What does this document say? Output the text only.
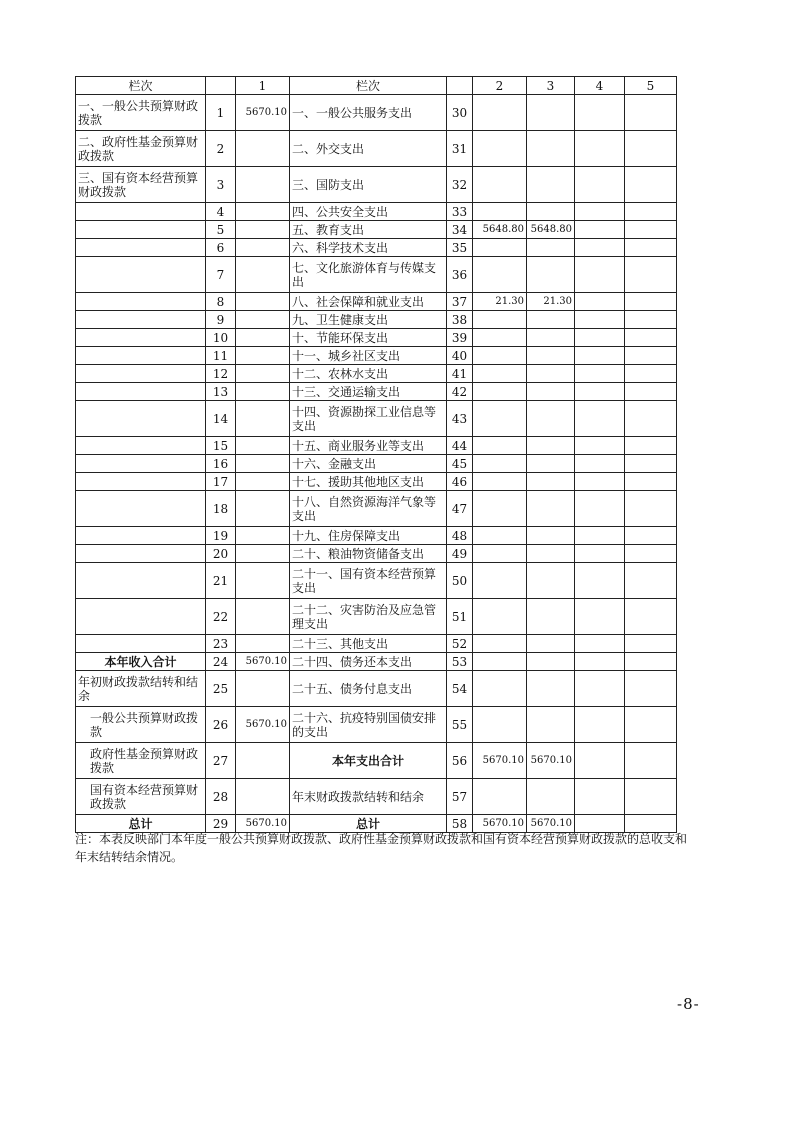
栏次		1	栏次		2	3	4	5
一、一般公共预算财政拨款	1	5670.10	一、一般公共服务支出	30				
二、政府性基金预算财政拨款	2		二、外交支出	31				
三、国有资本经营预算财政拨款	3		三、国防支出	32				
	4		四、公共安全支出	33				
	5		五、教育支出	34	5648.80	5648.80		
	6		六、科学技术支出	35				
	7		七、文化旅游体育与传媒支出	36				
	8		八、社会保障和就业支出	37	21.30	21.30		
	9		九、卫生健康支出	38				
	10		十、节能环保支出	39				
	11		十一、城乡社区支出	40				
	12		十二、农林水支出	41				
	13		十三、交通运输支出	42				
	14		十四、资源勘探工业信息等支出	43				
	15		十五、商业服务业等支出	44				
	16		十六、金融支出	45				
	17		十七、援助其他地区支出	46				
	18		十八、自然资源海洋气象等支出	47				
	19		十九、住房保障支出	48				
	20		二十、粮油物资储备支出	49				
	21		二十一、国有资本经营预算支出	50				
	22		二十二、灾害防治及应急管理支出	51				
	23		二十三、其他支出	52				
本年收入合计	24	5670.10	二十四、债务还本支出	53				
年初财政拨款结转和结余	25		二十五、债务付息支出	54				
一般公共预算财政拨款	26	5670.10	二十六、抗疫特别国债安排的支出	55				
政府性基金预算财政拨款	27		本年支出合计	56	5670.10	5670.10		
国有资本经营预算财政拨款	28		年末财政拨款结转和结余	57				
总计	29	5670.10	总计	58	5670.10	5670.10		
注：本表反映部门本年度一般公共预算财政拨款、政府性基金预算财政拨款和国有资本经营预算财政拨款的总收支和年末结转结余情况。
-8-
